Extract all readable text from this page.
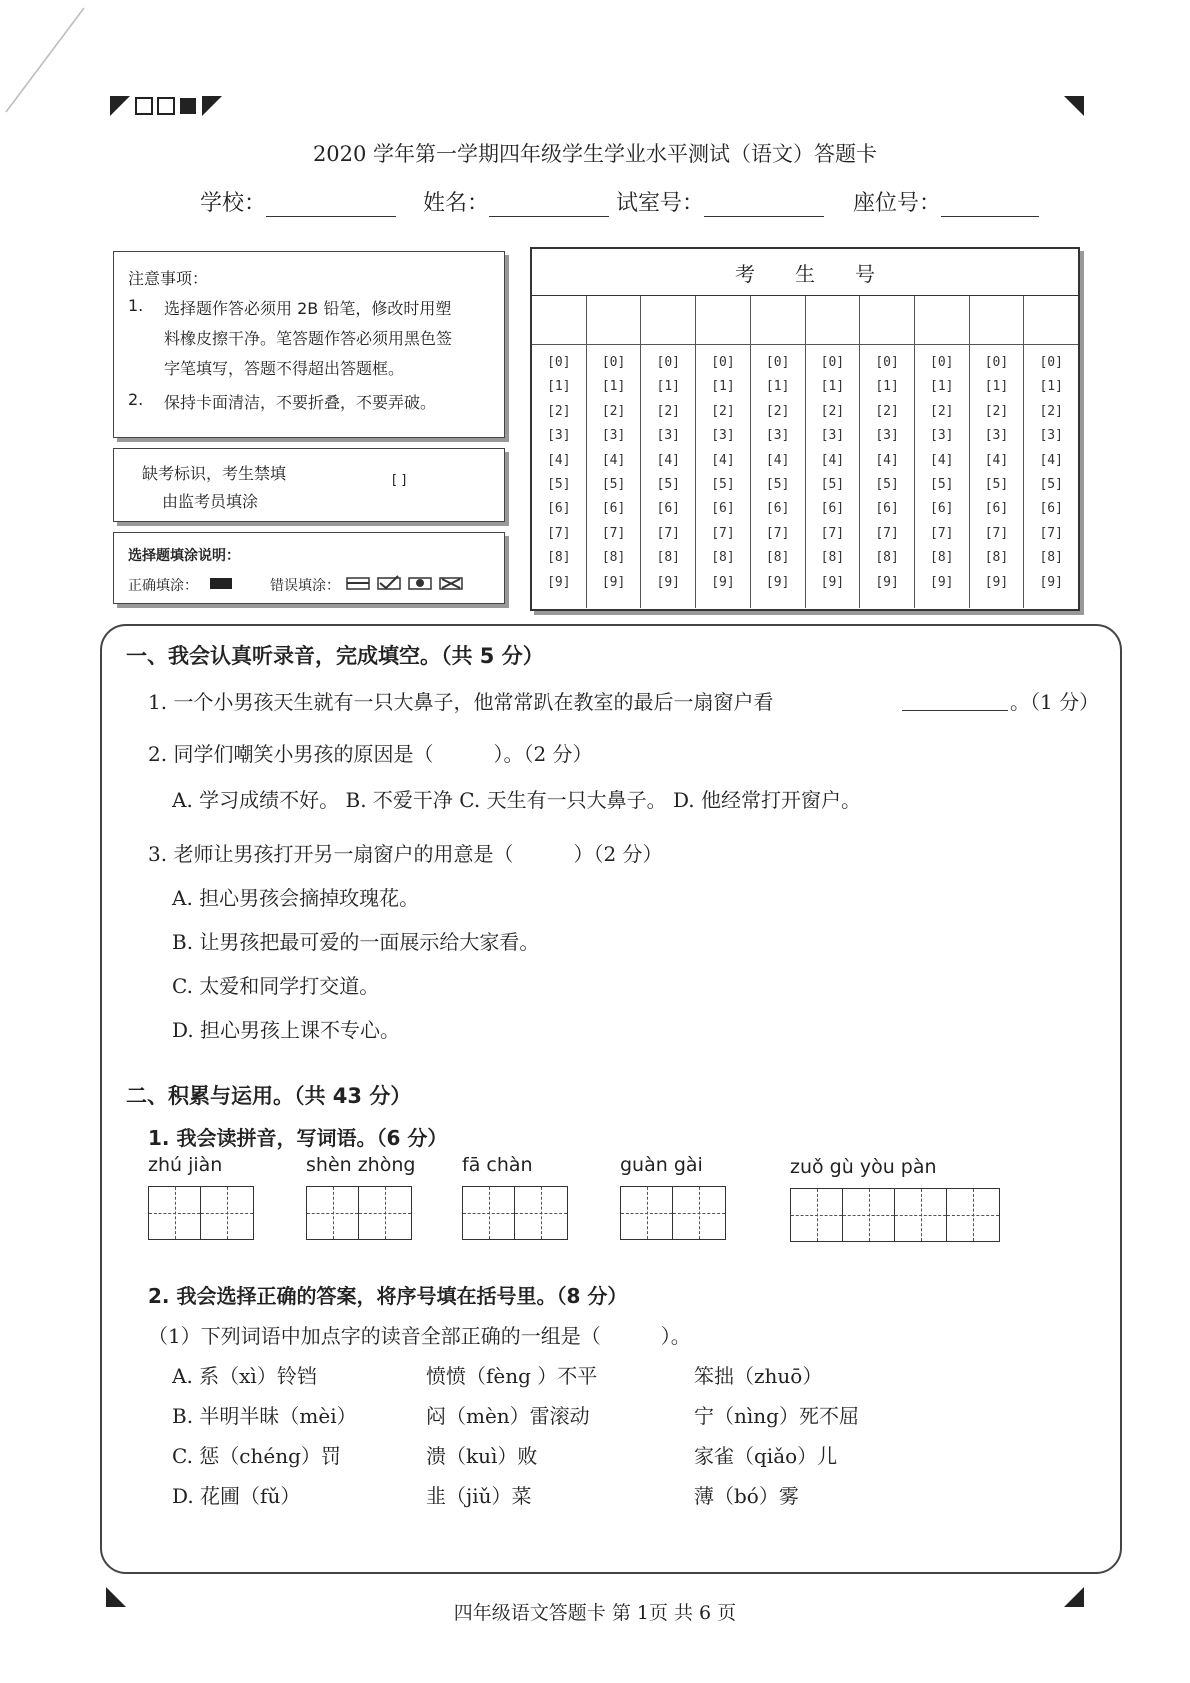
2020 学年第一学期四年级学生学业水平测试（语文）答题卡
学校：	姓名：	试室号：	座位号：

注意事项：

1. 选择题作答必须用 2B 铅笔，修改时用塑

料橡皮擦干净。笔答题作答必须用黑色签

字笔填写，答题不得超出答题框。

2. 保持卡面清洁，不要折叠，不要弄破。

缺考标识，考生禁填
由监考员填涂
[ ]
选择题填涂说明：
正确填涂：	错误填涂：
考　　生　　号
[0]
[1]
[2]
[3]
[4]
[5]
[6]
[7]
[8]
[9]
[0]
[1]
[2]
[3]
[4]
[5]
[6]
[7]
[8]
[9]
[0]
[1]
[2]
[3]
[4]
[5]
[6]
[7]
[8]
[9]
[0]
[1]
[2]
[3]
[4]
[5]
[6]
[7]
[8]
[9]
[0]
[1]
[2]
[3]
[4]
[5]
[6]
[7]
[8]
[9]
[0]
[1]
[2]
[3]
[4]
[5]
[6]
[7]
[8]
[9]
[0]
[1]
[2]
[3]
[4]
[5]
[6]
[7]
[8]
[9]
[0]
[1]
[2]
[3]
[4]
[5]
[6]
[7]
[8]
[9]
[0]
[1]
[2]
[3]
[4]
[5]
[6]
[7]
[8]
[9]
[0]
[1]
[2]
[3]
[4]
[5]
[6]
[7]
[8]
[9]
一、我会认真听录音，完成填空。（共 5 分）
1. 一个小男孩天生就有一只大鼻子，他常常趴在教室的最后一扇窗户看	。（1 分）
2. 同学们嘲笑小男孩的原因是（　　　）。（2 分）
A. 学习成绩不好。 B. 不爱干净 C. 天生有一只大鼻子。 D. 他经常打开窗户。
3. 老师让男孩打开另一扇窗户的用意是（　　　）（2 分）
A. 担心男孩会摘掉玫瑰花。
B. 让男孩把最可爱的一面展示给大家看。
C. 太爱和同学打交道。
D. 担心男孩上课不专心。
二、积累与运用。（共 43 分）
1. 我会读拼音，写词语。（6 分）
zhú jiàn	shèn zhòng fā chàn	guàn gài	zuǒ gù yòu pàn
2. 我会选择正确的答案，将序号填在括号里。（8 分）
（1）下列词语中加点字的读音全部正确的一组是（　　　）。
A. 系（xì）铃铛	愤愤（fèng ）不平	笨拙（zhuō）
B. 半明半昧（mèi）	闷（mèn）雷滚动	宁（nìng）死不屈
C. 惩（chéng）罚	溃（kuì）败	家雀（qiǎo）儿
D. 花圃（fǔ）	韭（jiǔ）菜	薄（bó）雾
四年级语文答题卡 第 1页 共 6 页
